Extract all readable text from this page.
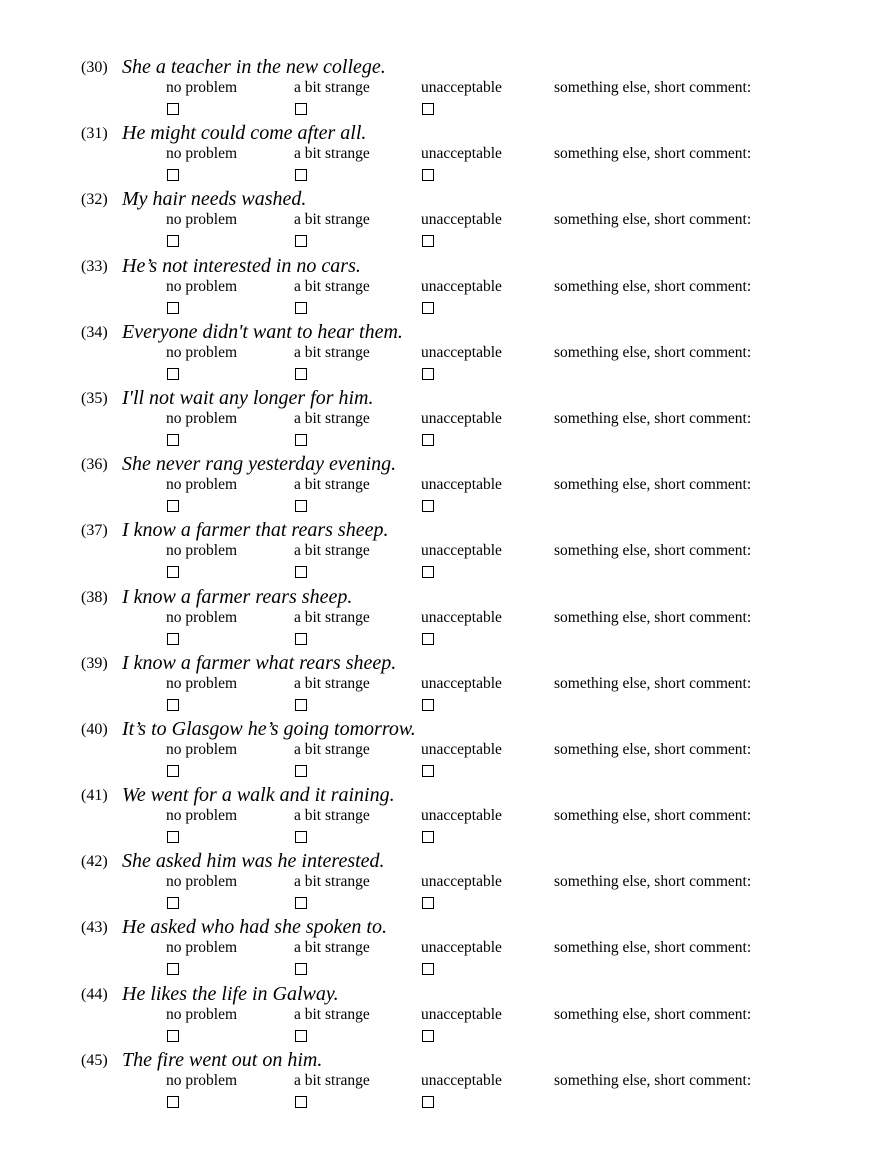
(30) She a teacher in the new college.
no problem	a bit strange	unacceptable	something else, short comment:
(31) He might could come after all.
no problem	a bit strange	unacceptable	something else, short comment:
(32) My hair needs washed.
no problem	a bit strange	unacceptable	something else, short comment:
(33) He’s not interested in no cars.
no problem	a bit strange	unacceptable	something else, short comment:
(34) Everyone didn't want to hear them.
no problem	a bit strange	unacceptable	something else, short comment:
(35) I'll not wait any longer for him.
no problem	a bit strange	unacceptable	something else, short comment:
(36) She never rang yesterday evening.
no problem	a bit strange	unacceptable	something else, short comment:
(37) I know a farmer that rears sheep.
no problem	a bit strange	unacceptable	something else, short comment:
(38) I know a farmer rears sheep.
no problem	a bit strange	unacceptable	something else, short comment:
(39) I know a farmer what rears sheep.
no problem	a bit strange	unacceptable	something else, short comment:
(40) It’s to Glasgow he’s going tomorrow.
no problem	a bit strange	unacceptable	something else, short comment:
(41) We went for a walk and it raining.
no problem	a bit strange	unacceptable	something else, short comment:
(42) She asked him was he interested.
no problem	a bit strange	unacceptable	something else, short comment:
(43) He asked who had she spoken to.
no problem	a bit strange	unacceptable	something else, short comment:
(44) He likes the life in Galway.
no problem	a bit strange	unacceptable	something else, short comment:
(45) The fire went out on him.
no problem	a bit strange	unacceptable	something else, short comment:
